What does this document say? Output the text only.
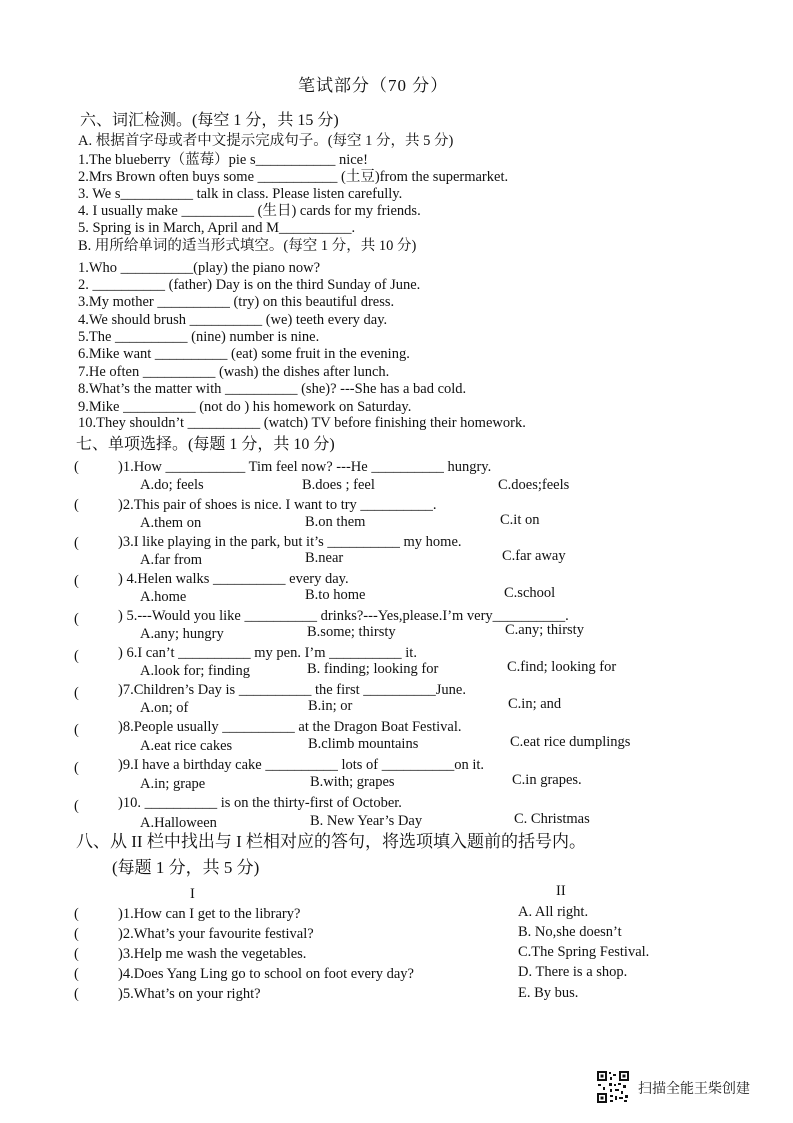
笔试部分（70 分）
六、词汇检测。(每空 1 分，共 15 分)
A. 根据首字母或者中文提示完成句子。(每空 1 分，共 5 分)
1.The blueberry（蓝莓）pie s___________ nice!
2.Mrs Brown often buys some ___________ (土豆)from the supermarket.
3. We s__________ talk in class. Please listen carefully.
4. I usually make __________ (生日) cards for my friends.
5. Spring is in March, April and M__________.
B. 用所给单词的适当形式填空。(每空 1 分，共 10 分)
1.Who __________(play) the piano now?
2. __________ (father) Day is on the third Sunday of June.
3.My mother __________ (try) on this beautiful dress.
4.We should brush __________ (we) teeth every day.
5.The __________ (nine) number is nine.
6.Mike want __________ (eat) some fruit in the evening.
7.He often __________ (wash) the dishes after lunch.
8.What’s the matter with __________ (she)? ---She has a bad cold.
9.Mike __________ (not do ) his homework on Saturday.
10.They shouldn’t __________ (watch) TV before finishing their homework.
七、单项选择。(每题 1 分，共 10 分)
(	)1.How ___________ Tim feel now? ---He __________ hungry.
A.do; feels	B.does ; feel	C.does;feels
(	)2.This pair of shoes is nice. I want to try __________.
A.them on	B.on them	C.it on
(	)3.I like playing in the park, but it’s __________ my home.
A.far from	B.near	C.far away
(	) 4.Helen walks __________ every day.
A.home	B.to home	C.school
(	) 5.---Would you like __________ drinks?---Yes,please.I’m very__________.
A.any; hungry	B.some; thirsty	C.any; thirsty
(	) 6.I can’t __________ my pen. I’m __________ it.
A.look for; finding	B. finding; looking for	C.find; looking for
(	)7.Children’s Day is __________ the first __________June.
A.on; of	B.in; or	C.in; and
(	)8.People usually __________ at the Dragon Boat Festival.
A.eat rice cakes	B.climb mountains	C.eat rice dumplings
(	)9.I have a birthday cake __________ lots of __________on it.
A.in; grape	B.with; grapes	C.in grapes.
(	)10. __________ is on the thirty-first of October.
A.Halloween	B. New Year’s Day	C. Christmas
八、从 II 栏中找出与 I 栏相对应的答句，将选项填入题前的括号内。
(每题 1 分，共 5 分)
I	II
(	)1.How can I get to the library?	A. All right.
(	)2.What’s your favourite festival?	B. No,she doesn’t
(	)3.Help me wash the vegetables.	C.The Spring Festival.
(	)4.Does Yang Ling go to school on foot every day?	D. There is a shop.
(	)5.What’s on your right?	E. By bus.
扫描全能王柴创建
